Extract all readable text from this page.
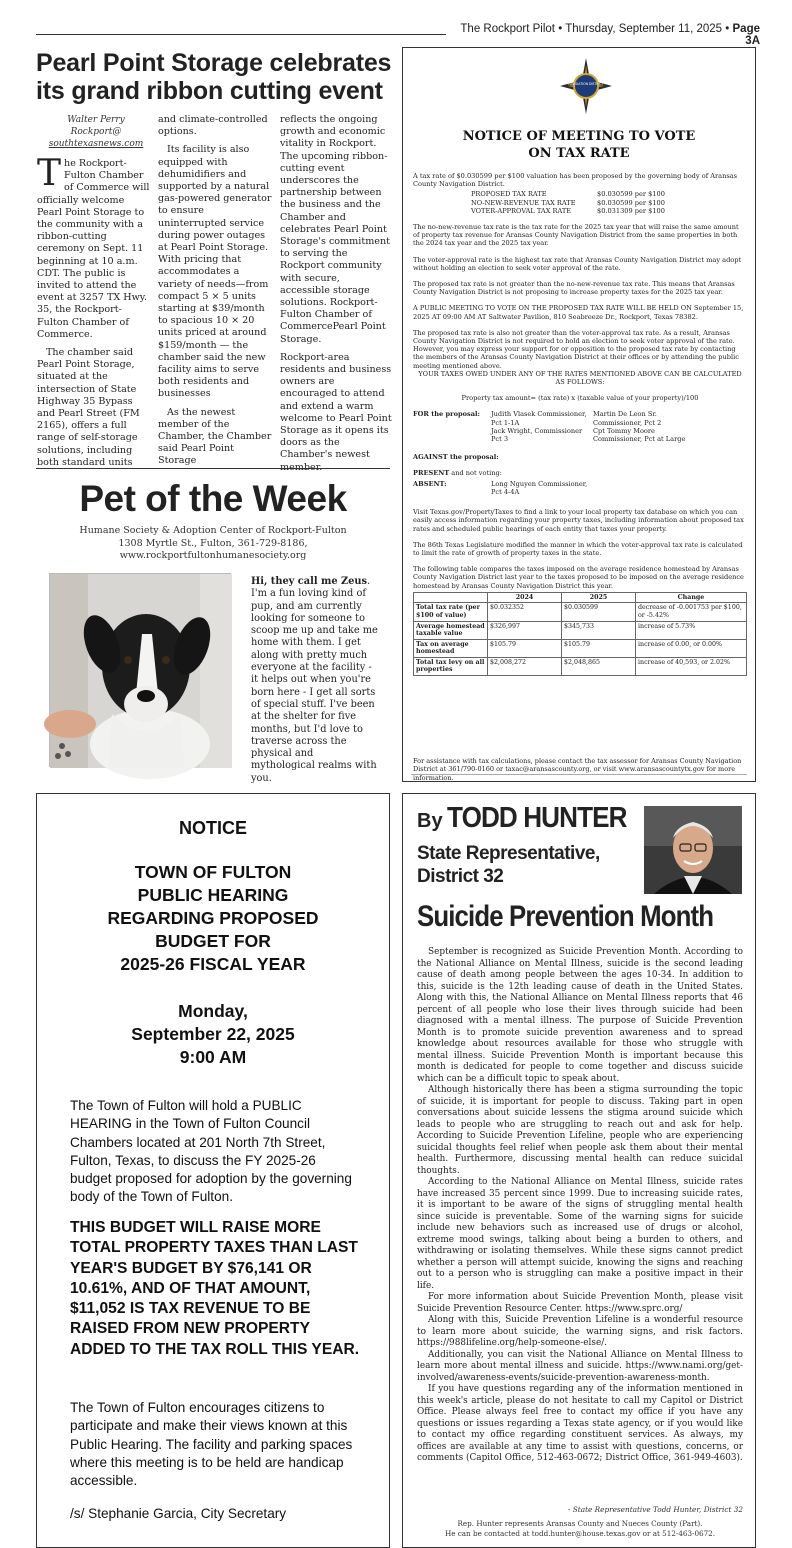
The Rockport Pilot • Thursday, September 11, 2025 • Page 3A
Pearl Point Storage celebrates its grand ribbon cutting event
Walter Perry
Rockport@
southtexasnews.com

The Rockport-Fulton Chamber of Commerce will officially welcome Pearl Point Storage to the community with a ribbon-cutting ceremony on Sept. 11 beginning at 10 a.m. CDT. The public is invited to attend the event at 3257 TX Hwy. 35, the Rockport-Fulton Chamber of Commerce.

The chamber said Pearl Point Storage, situated at the intersection of State Highway 35 Bypass and Pearl Street (FM 2165), offers a full range of self-storage solutions, including both standard units

and climate-controlled options.

Its facility is also equipped with dehumidifiers and supported by a natural gas-powered generator to ensure uninterrupted service during power outages at Pearl Point Storage. With pricing that accommodates a variety of needs—from compact 5 × 5 units starting at $39/month to spacious 10 × 20 units priced at around $159/month — the chamber said the new facility aims to serve both residents and businesses

As the newest member of the Chamber, the Chamber said Pearl Point Storage

reflects the ongoing growth and economic vitality in Rockport. The upcoming ribbon-cutting event underscores the partnership between the business and the Chamber and celebrates Pearl Point Storage's commitment to serving the Rockport community with secure, accessible storage solutions. Rockport-Fulton Chamber of CommercePearl Point Storage.

Rockport-area residents and business owners are encouraged to attend and extend a warm welcome to Pearl Point Storage as it opens its doors as the Chamber's newest

Pet of the Week
Humane Society & Adoption Center of Rockport-Fulton
1308 Myrtle St., Fulton, 361-729-8186,
www.rockportfultonhumanesociety.org
Hi, they call me Zeus. I'm a fun loving kind of pup, and am currently looking for someone to scoop me up and take me home with them. I get along with pretty much everyone at the facility - it helps out when you're born here - I get all sorts of special stuff. I've been at the shelter for five months, but I'd love to traverse across the physical and mythological realms with you.
NAVIGATION DISTRICT
NOTICE OF MEETING TO VOTE
ON TAX RATE

A tax rate of $0.030599 per $100 valuation has been proposed by the governing body of Aransas County Navigation District.

PROPOSED TAX RATE	$0.030599 per $100
NO-NEW-REVENUE TAX RATE	$0.030599 per $100
VOTER-APPROVAL TAX RATE	$0.031309 per $100

The no-new-revenue tax rate is the tax rate for the 2025 tax year that will raise the same amount of property tax revenue for Aransas County Navigation District from the same properties in both the 2024 tax year and the 2025 tax year.

The voter-approval rate is the highest tax rate that Aransas County Navigation District may adopt without holding an election to seek voter approval of the rate.

The proposed tax rate is not greater than the no-new-revenue tax rate. This means that Aransas County Navigation District is not proposing to increase property taxes for the 2025 tax year.

A PUBLIC MEETING TO VOTE ON THE PROPOSED TAX RATE WILL BE HELD ON September 15, 2025 AT 09:00 AM AT Saltwater Pavilion, 810 Seabreeze Dr., Rockport, Texas 78382.

The proposed tax rate is also not greater than the voter-approval tax rate. As a result, Aransas County Navigation District is not required to hold an election to seek voter approval of the rate. However, you may express your support for or opposition to the proposed tax rate by contacting the members of the Aransas County Navigation District at their offices or by attending the public meeting mentioned above.

YOUR TAXES OWED UNDER ANY OF THE RATES MENTIONED ABOVE CAN BE CALCULATED AS FOLLOWS:

Property tax amount= (tax rate) x (taxable value of your property)/100

FOR the proposal:	Judith Vlasek Commissioner, Pct 1-1A
Martin De Leon Sr. Commissioner, Pct 2
Jack Wright, Commissioner Pct 3
Cpt Tommy Moore Commissioner, Pct at Large

AGAINST the proposal:

PRESENT and not voting:

ABSENT:	Long Nguyen Commissioner, Pct 4-4A

Visit Texas.gov/PropertyTaxes to find a link to your local property tax database on which you can easily access information regarding your property taxes, including information about proposed tax rates and scheduled public hearings of each entity that taxes your property.

The 86th Texas Legislature modified the manner in which the voter-approval tax rate is calculated to limit the rate of growth of property taxes in the state.

The following table compares the taxes imposed on the average residence homestead by Aransas County Navigation District last year to the taxes proposed to be imposed on the average residence homestead by Aransas County Navigation District this year.

	2024	2025	Change
Total tax rate (per $100 of value)	$0.032352	$0.030599	decrease of -0.001753 per $100, or -5.42%
Average homestead taxable value	$326,997	$345,733	increase of 5.73%
Tax on average homestead	$105.79	$105.79	increase of 0.00, or 0.00%
Total tax levy on all properties	$2,008,272	$2,048,865	increase of 40,593, or 2.02%
For assistance with tax calculations, please contact the tax assessor for Aransas County Navigation District at 361/790-0160 or taxac@aransascounty.org, or visit www.aransascountytx.gov for more information.
NOTICE
TOWN OF FULTON
PUBLIC HEARING
REGARDING PROPOSED
BUDGET FOR
2025-26 FISCAL YEAR
Monday,
September 22, 2025
9:00 AM
The Town of Fulton will hold a PUBLIC HEARING in the Town of Fulton Council Chambers located at 201 North 7th Street, Fulton, Texas, to discuss the FY 2025-26 budget proposed for adoption by the governing body of the Town of Fulton.
THIS BUDGET WILL RAISE MORE TOTAL PROPERTY TAXES THAN LAST YEAR'S BUDGET BY $76,141 OR 10.61%, AND OF THAT AMOUNT, $11,052 IS TAX REVENUE TO BE RAISED FROM NEW PROPERTY ADDED TO THE TAX ROLL THIS YEAR.
The Town of Fulton encourages citizens to participate and make their views known at this Public Hearing. The facility and parking spaces where this meeting is to be held are handicap accessible.
/s/ Stephanie Garcia, City Secretary
By TODD HUNTER
State Representative,
District 32
Suicide Prevention Month

September is recognized as Suicide Prevention Month. According to the National Alliance on Mental Illness, suicide is the second leading cause of death among people between the ages 10-34. In addition to this, suicide is the 12th leading cause of death in the United States. Along with this, the National Alliance on Mental Illness reports that 46 percent of all people who lose their lives through suicide had been diagnosed with a mental illness. The purpose of Suicide Prevention Month is to promote suicide prevention awareness and to spread knowledge about resources available for those who struggle with mental illness. Suicide Prevention Month is important because this month is dedicated for people to come together and discuss suicide which can be a difficult topic to speak about.

Although historically there has been a stigma surrounding the topic of suicide, it is important for people to discuss. Taking part in open conversations about suicide lessens the stigma around suicide which leads to people who are struggling to reach out and ask for help. According to Suicide Prevention Lifeline, people who are experiencing suicidal thoughts feel relief when people ask them about their mental health. Furthermore, discussing mental health can reduce suicidal thoughts.

According to the National Alliance on Mental Illness, suicide rates have increased 35 percent since 1999. Due to increasing suicide rates, it is important to be aware of the signs of struggling mental health since suicide is preventable. Some of the warning signs for suicide include new behaviors such as increased use of drugs or alcohol, extreme mood swings, talking about being a burden to others, and withdrawing or isolating themselves. While these signs cannot predict whether a person will attempt suicide, knowing the signs and reaching out to a person who is struggling can make a positive impact in their life.

For more information about Suicide Prevention Month, please visit Suicide Prevention Resource Center. https://www.sprc.org/

Along with this, Suicide Prevention Lifeline is a wonderful resource to learn more about suicide, the warning signs, and risk factors. https://988lifeline.org/help-someone-else/.

Additionally, you can visit the National Alliance on Mental Illness to learn more about mental illness and suicide. https://www.nami.org/get-involved/awareness-events/suicide-prevention-awareness-month.

If you have questions regarding any of the information mentioned in this week's article, please do not hesitate to call my Capitol or District Office. Please always feel free to contact my office if you have any questions or issues regarding a Texas state agency, or if you would like to contact my office regarding constituent services. As always, my offices are available at any time to assist with questions, concerns, or comments (Capitol Office, 512-463-0672; District Office, 361-949-4603).

- State Representative Todd Hunter, District 32
Rep. Hunter represents Aransas County and Nueces County (Part).
He can be contacted at todd.hunter@house.texas.gov or at 512-463-0672.
